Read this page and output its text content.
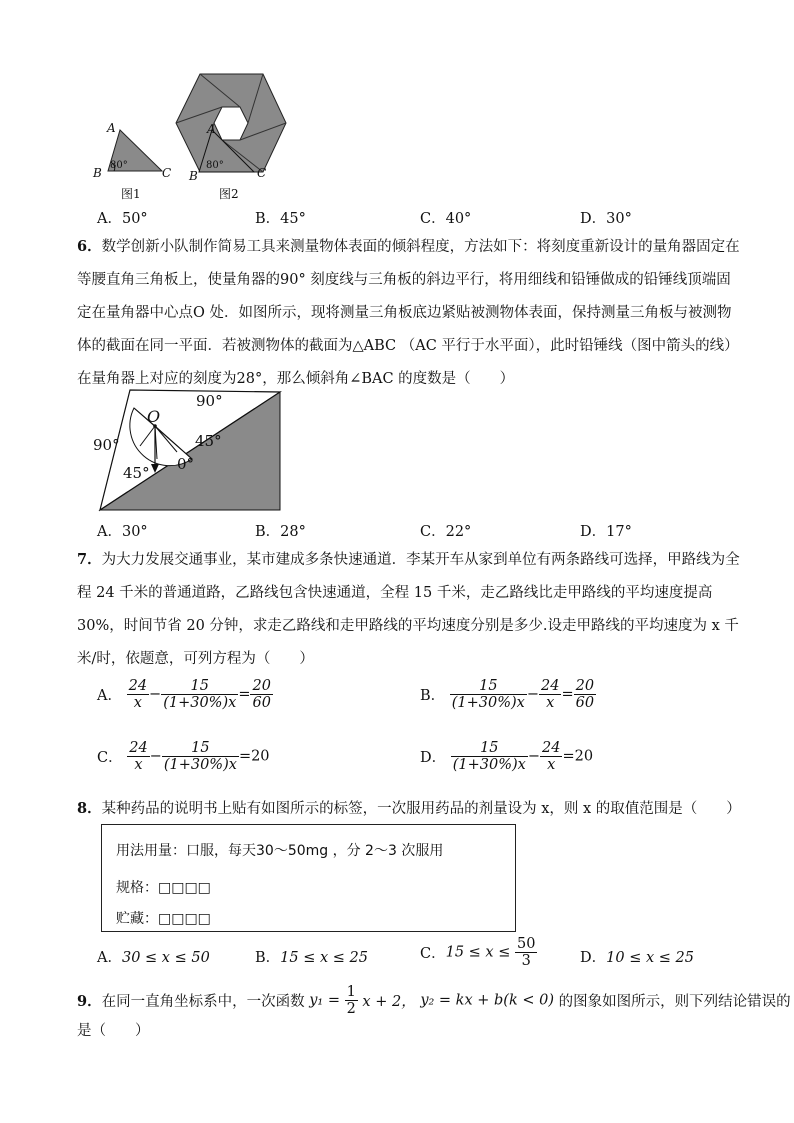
A
B	C
80°
A
B	C
80°
图1	图2
A．50°	B．45°	C．40°	D．30°
6．数学创新小队制作简易工具来测量物体表面的倾斜程度，方法如下：将刻度重新设计的量角器固定在
等腰直角三角板上，使量角器的90° 刻度线与三角板的斜边平行，将用细线和铅锤做成的铅锤线顶端固
定在量角器中心点O 处．如图所示，现将测量三角板底边紧贴被测物体表面，保持测量三角板与被测物
体的截面在同一平面．若被测物体的截面为△ABC （AC 平行于水平面），此时铅锤线（图中箭头的线）
在量角器上对应的刻度为28°，那么倾斜角∠BAC 的度数是（　　）
O
90°
90°	45°
45° 0°
A．30°	B．28°	C．22°	D．17°
7．为大力发展交通事业，某市建成多条快速通道．李某开车从家到单位有两条路线可选择，甲路线为全
程 24 千米的普通道路，乙路线包含快速通道，全程 15 千米，走乙路线比走甲路线的平均速度提高
30%，时间节省 20 分钟，求走乙路线和走甲路线的平均速度分别是多少.设走甲路线的平均速度为 x 千
米/时，依题意，可列方程为（　　）
A． $\frac{24}{x} - \frac{15}{(1+30\%)x} = \frac{20}{60}$	B． $\frac{15}{(1+30\%)x} - \frac{24}{x} = \frac{20}{60}$
C． $\frac{24}{x} - \frac{15}{(1+30\%)x} =20$	D． $\frac{15}{(1+30\%)x} - \frac{24}{x} =20$
8．某种药品的说明书上贴有如图所示的标签，一次服用药品的剂量设为 x，则 x 的取值范围是（　　）
用法用量：口服，每天30～50mg ，分 2～3 次服用
规格：□□□□
贮藏：□□□□
A．30 ≤ x ≤ 50	B．15 ≤ x ≤ 25	C．$15 \le x \le \frac{50}{3}$	D．10 ≤ x ≤ 25
9．在同一直角坐标系中，一次函数 $y_1 = \frac{1}{2}$ x + 2， y₂ = kx + b(k < 0) 的图象如图所示，则下列结论错误的
是（　　）
